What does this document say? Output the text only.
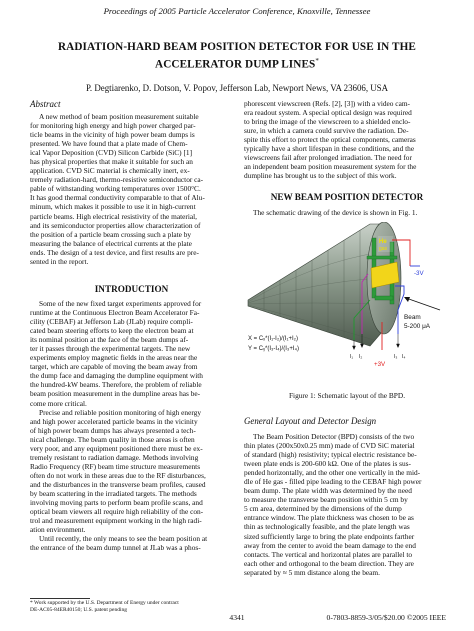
Proceedings of 2005 Particle Accelerator Conference, Knoxville, Tennessee
RADIATION-HARD BEAM POSITION DETECTOR FOR USE IN THE
ACCELERATOR DUMP LINES*
P. Degtiarenko, D. Dotson, V. Popov, Jefferson Lab, Newport News, VA 23606, USA
Abstract

A new method of beam position measurement suitable

for monitoring high energy and high power charged par-

ticle beams in the vicinity of high power beam dumps is

presented. We have found that a plate made of Chem-

ical Vapor Deposition (CVD) Silicon Carbide (SiC) [1]

has physical properties that make it suitable for such an

application. CVD SiC material is chemically inert, ex-

tremely radiation-hard, thermo-resistive semiconductor ca-

pable of withstanding working temperatures over 1500°C.

It has good thermal conductivity comparable to that of Alu-

minum, which makes it possible to use it in high-current

particle beams. High electrical resistivity of the material,

and its semiconductor properties allow characterization of

the position of a particle beam crossing such a plate by

measuring the balance of electrical currents at the plate

ends. The design of a test device, and first results are pre-

sented in the report.

INTRODUCTION

Some of the new fixed target experiments approved for

runtime at the Continuous Electron Beam Accelerator Fa-

cility (CEBAF) at Jefferson Lab (JLab) require compli-

cated beam steering efforts to keep the electron beam at

its nominal position at the face of the beam dumps af-

ter it passes through the experimental targets. The new

experiments employ magnetic fields in the areas near the

target, which are capable of moving the beam away from

the dump face and damaging the dumpline equipment with

the hundred-kW beams. Therefore, the problem of reliable

beam position measurement in the dumpline areas has be-

come more critical.

Precise and reliable position monitoring of high energy

and high power accelerated particle beams in the vicinity

of high power beam dumps has always presented a tech-

nical challenge. The beam quality in those areas is often

very poor, and any equipment positioned there must be ex-

tremely resistant to radiation damage. Methods involving

Radio Frequency (RF) beam time structure measurements

often do not work in these areas due to the RF disturbances,

and the disturbances in the transverse beam profiles, caused

by beam scattering in the irradiated targets. The methods

involving moving parts to perform beam profile scans, and

optical beam viewers all require high reliability of the con-

trol and measurement equipment working in the high radi-

ation environment.

Until recently, the only means to see the beam position at

the entrance of the beam dump tunnel at JLab was a phos-

* Work supported by the U.S. Department of Energy under contract
DE-AC05-84ER40150; U.S. patent pending

phorescent viewscreen (Refs. [2], [3]) with a video cam-

era readout system. A special optical design was required

to bring the image of the viewscreen to a shielded enclo-

sure, in which a camera could survive the radiation. De-

spite this effort to protect the optical components, cameras

typically have a short lifespan in these conditions, and the

viewscreens fail after prolonged irradiation. The need for

an independent beam position measurement system for the

dumpline has brought us to the subject of this work.

NEW BEAM POSITION DETECTOR

The schematic drawing of the device is shown in Fig. 1.

He
gas
-3V
I₁ I₂	I₃ I₄
Beam
5-200 μA
X = Cₓ*(I₁-I₂)/(I₁+I₂)
Y = Cᵧ*(I₃-I₄)/(I₃+I₄)
+3V
Figure 1: Schematic layout of the BPD.
General Layout and Detector Design

The Beam Position Detector (BPD) consists of the two

thin plates (200x50x0.25 mm) made of CVD SiC material

of standard (high) resistivity; typical electric resistance be-

tween plate ends is 200-600 kΩ. One of the plates is sus-

pended horizontally, and the other one vertically in the mid-

dle of He gas - filled pipe leading to the CEBAF high power

beam dump. The plate width was determined by the need

to measure the transverse beam position within 5 cm by

5 cm area, determined by the dimensions of the dump

entrance window. The plate thickness was chosen to be as

thin as technologically feasible, and the plate length was

sized sufficiently large to bring the plate endpoints farther

away from the center to avoid the beam damage to the end

contacts. The vertical and horizontal plates are parallel to

each other and orthogonal to the beam direction. They are

separated by ≈ 5 mm distance along the beam.

4341	0-7803-8859-3/05/$20.00 ©2005 IEEE
